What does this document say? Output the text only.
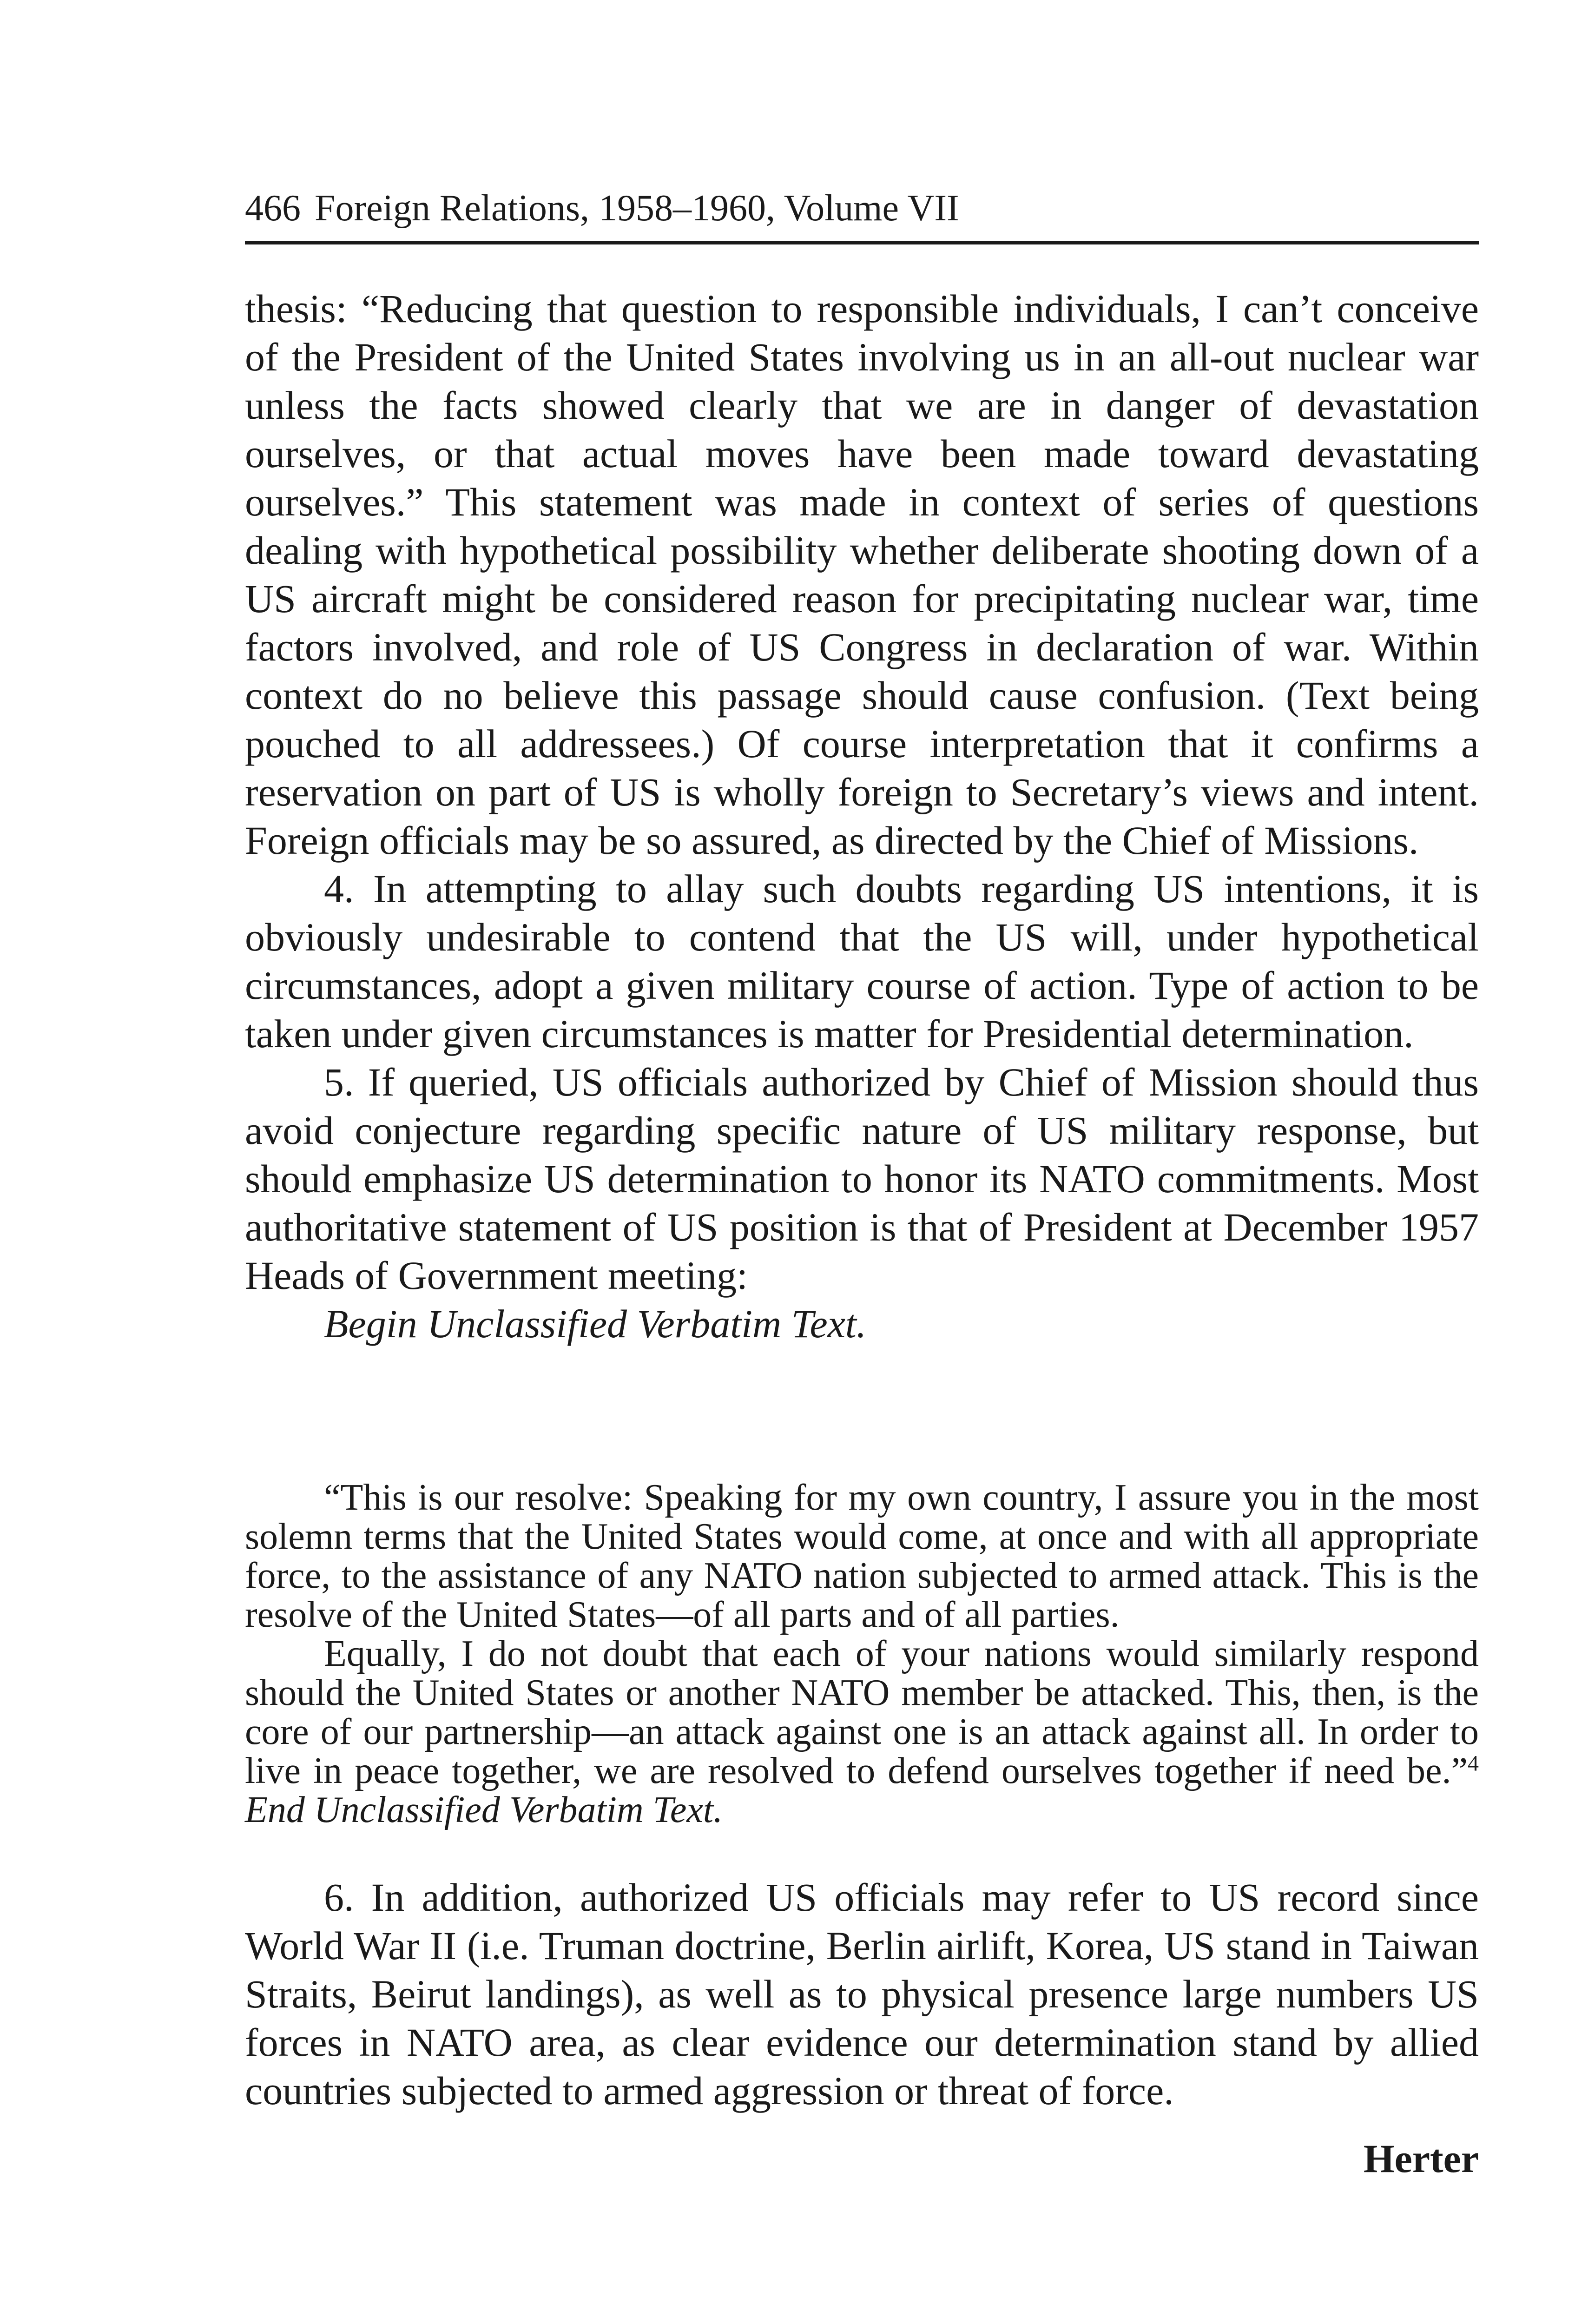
466 Foreign Relations, 1958–1960, Volume VII

thesis: “Reducing that question to responsible individuals, I can’t conceive of the President of the United States involving us in an all-out nuclear war unless the facts showed clearly that we are in danger of devastation ourselves, or that actual moves have been made toward devastating ourselves.” This statement was made in context of series of questions dealing with hypothetical possibility whether deliberate shooting down of a US aircraft might be considered reason for precipitating nuclear war, time factors involved, and role of US Congress in declaration of war. Within context do no believe this passage should cause confusion. (Text being pouched to all addressees.) Of course interpretation that it confirms a reservation on part of US is wholly foreign to Secretary’s views and intent. Foreign officials may be so assured, as directed by the Chief of Missions.

4. In attempting to allay such doubts regarding US intentions, it is obviously undesirable to contend that the US will, under hypothetical circumstances, adopt a given military course of action. Type of action to be taken under given circumstances is matter for Presidential determination.

5. If queried, US officials authorized by Chief of Mission should thus avoid conjecture regarding specific nature of US military response, but should emphasize US determination to honor its NATO commitments. Most authoritative statement of US position is that of President at December 1957 Heads of Government meeting:

Begin Unclassified Verbatim Text.

“This is our resolve: Speaking for my own country, I assure you in the most solemn terms that the United States would come, at once and with all appropriate force, to the assistance of any NATO nation subjected to armed attack. This is the resolve of the United States—of all parts and of all parties.

Equally, I do not doubt that each of your nations would similarly respond should the United States or another NATO member be attacked. This, then, is the core of our partnership—an attack against one is an attack against all. In order to live in peace together, we are resolved to defend ourselves together if need be.”$^4$ End Unclassified Verbatim Text.

6. In addition, authorized US officials may refer to US record since World War II (i.e. Truman doctrine, Berlin airlift, Korea, US stand in Taiwan Straits, Beirut landings), as well as to physical presence large numbers US forces in NATO area, as clear evidence our determination stand by allied countries subjected to armed aggression or threat of force.

Herter
